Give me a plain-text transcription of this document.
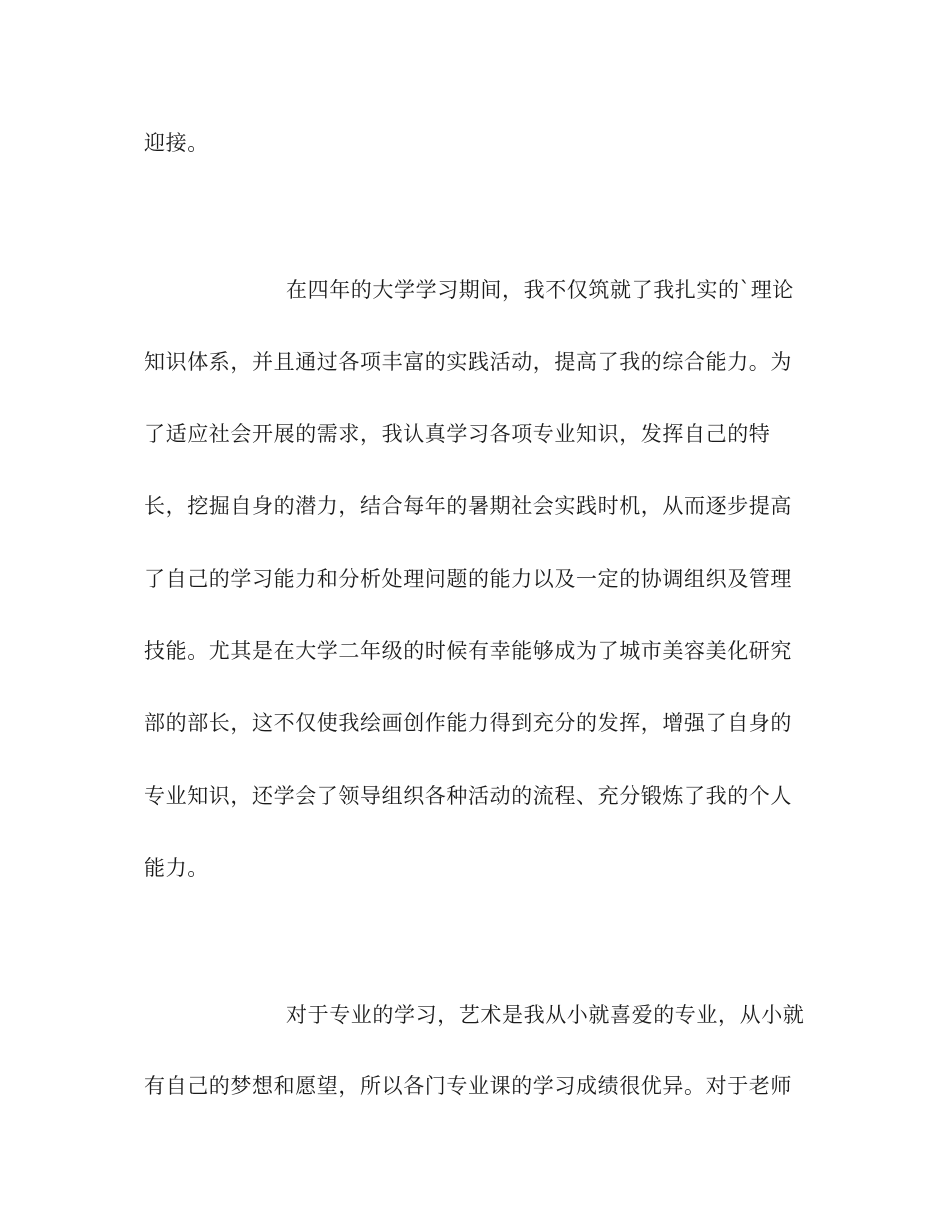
迎接。
在四年的大学学习期间，我不仅筑就了我扎实的`理论
知识体系，并且通过各项丰富的实践活动，提高了我的综合能力。为
了适应社会开展的需求，我认真学习各项专业知识，发挥自己的特
长，挖掘自身的潜力，结合每年的暑期社会实践时机，从而逐步提高
了自己的学习能力和分析处理问题的能力以及一定的协调组织及管理
技能。尤其是在大学二年级的时候有幸能够成为了城市美容美化研究
部的部长，这不仅使我绘画创作能力得到充分的发挥，增强了自身的
专业知识，还学会了领导组织各种活动的流程、充分锻炼了我的个人
能力。
对于专业的学习，艺术是我从小就喜爱的专业，从小就
有自己的梦想和愿望，所以各门专业课的学习成绩很优异。对于老师
